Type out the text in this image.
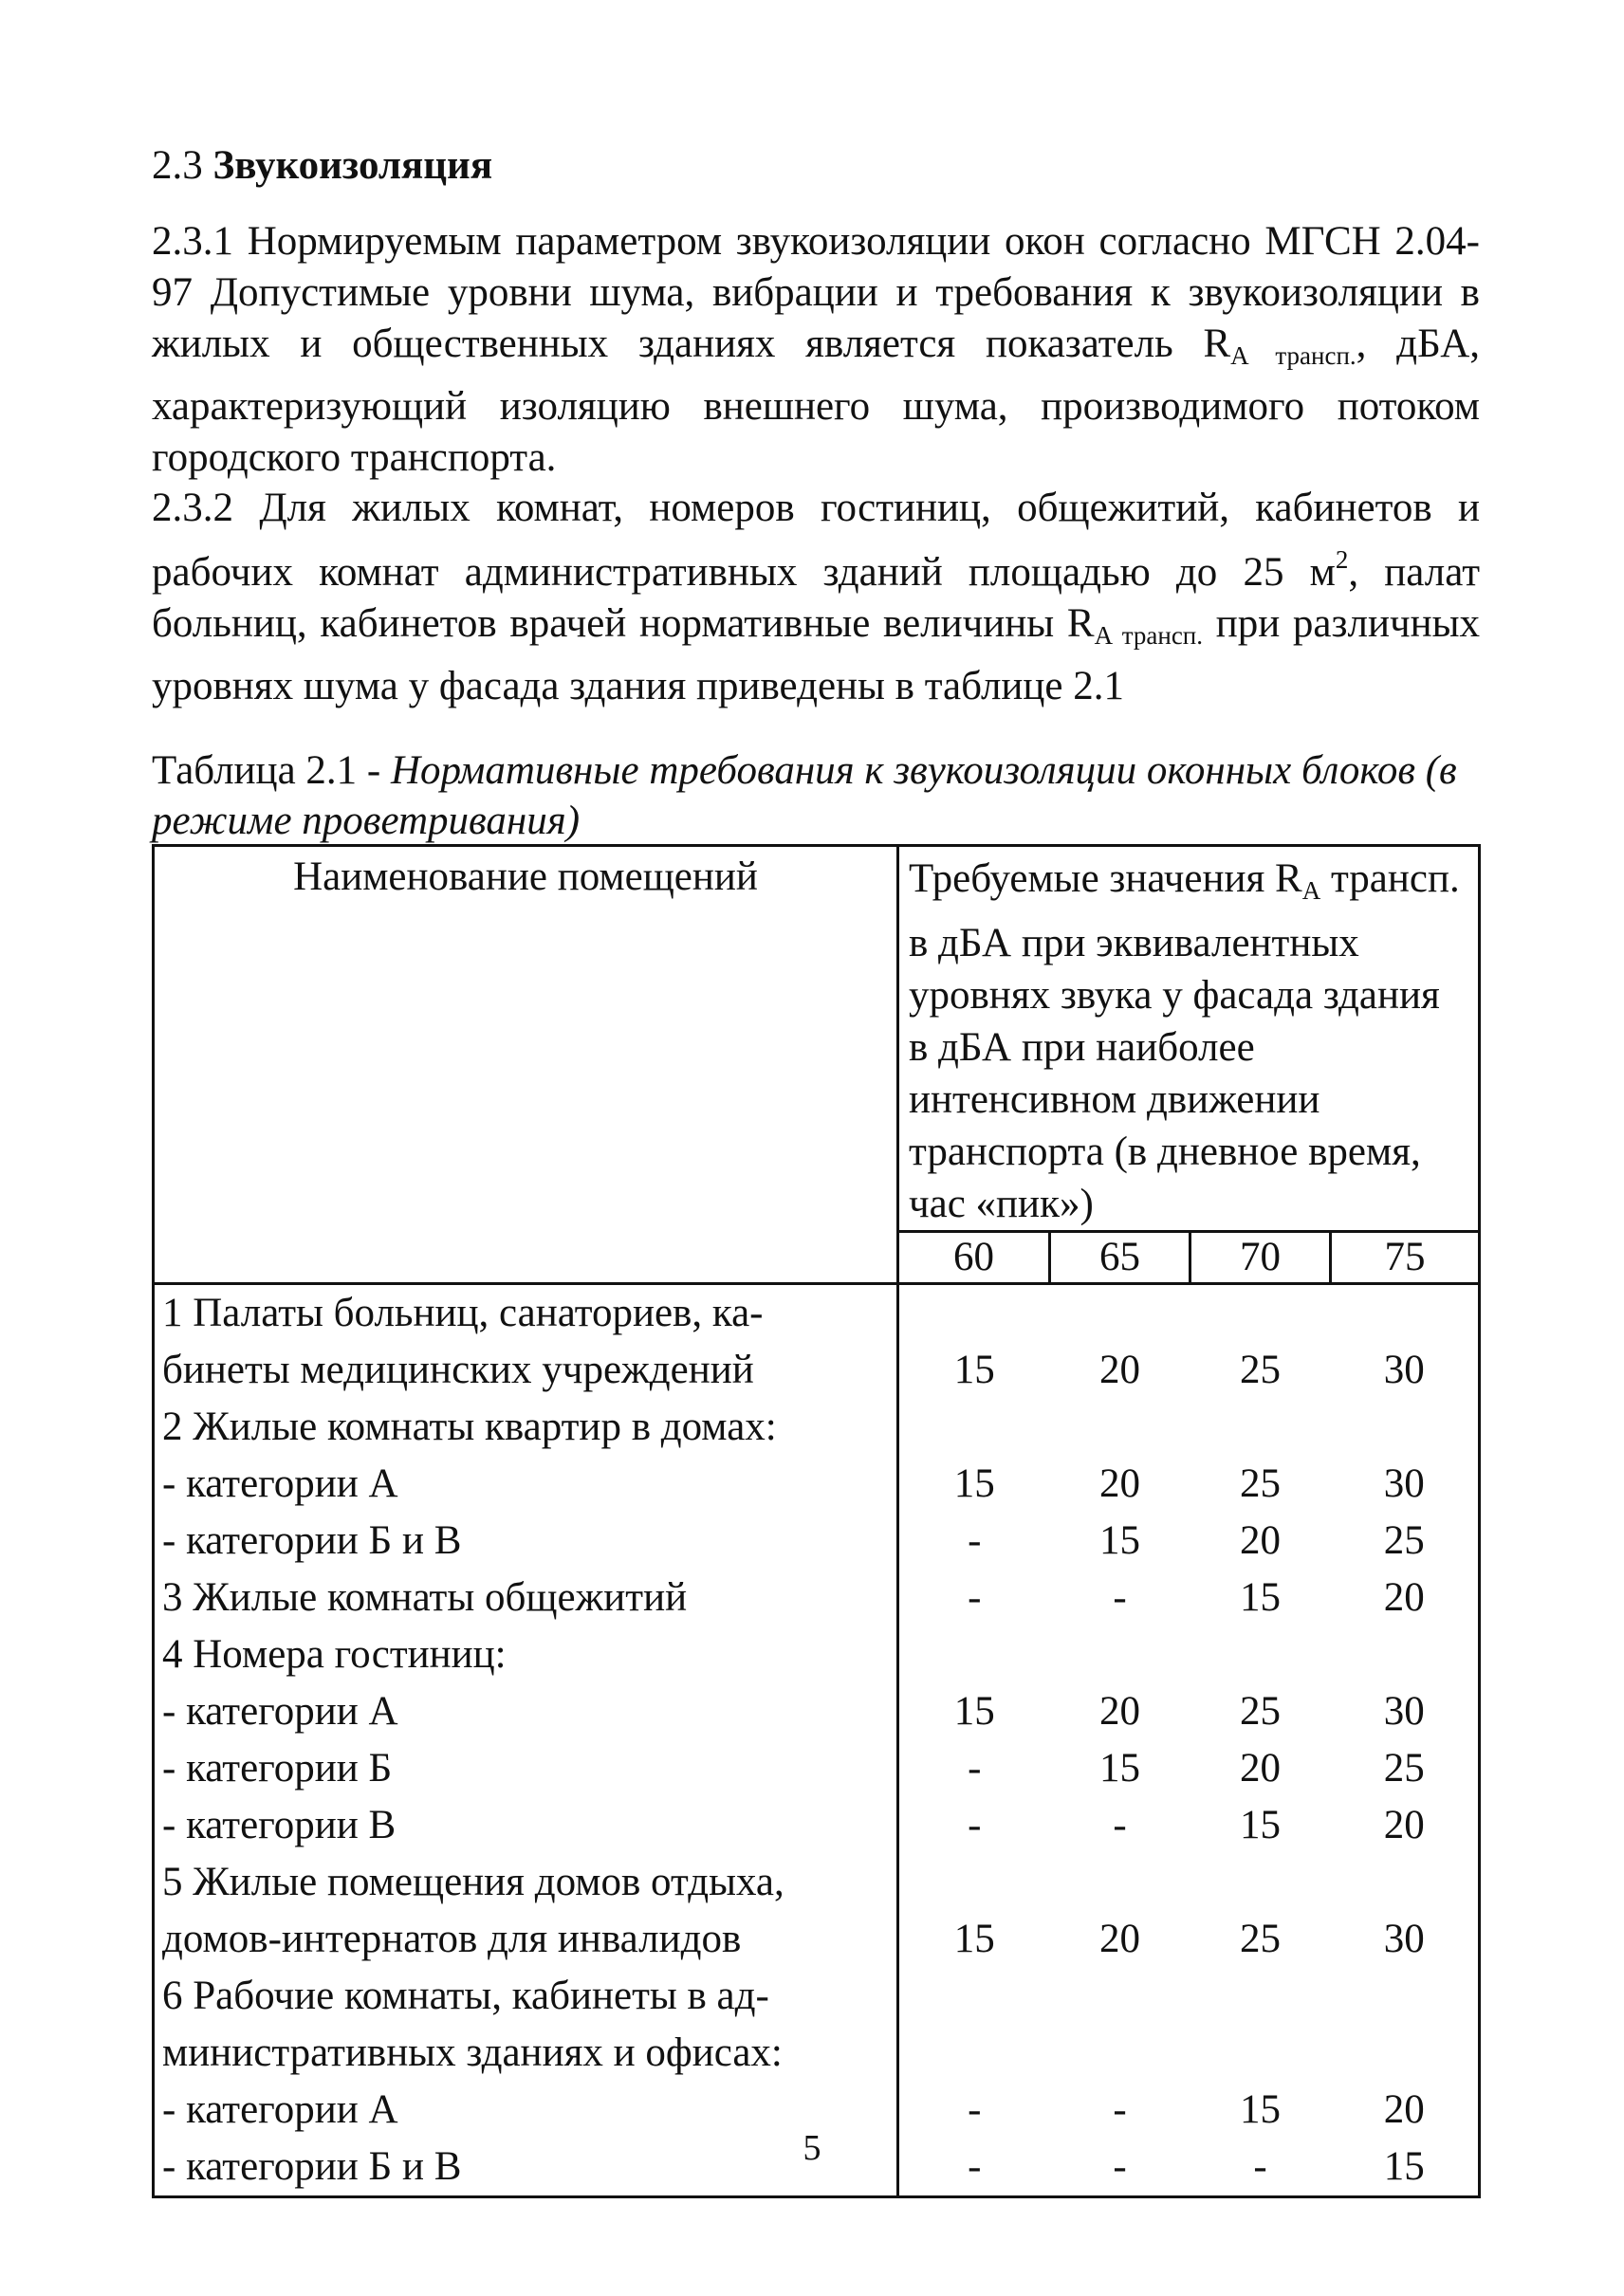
2.3 Звукоизоляция

2.3.1 Нормируемым параметром звукоизоляции окон согласно МГСН 2.04-97 Допустимые уровни шума, вибрации и требования к звукоизоляции в жилых и общественных зданиях является показатель $R_{А трансп.}$, дБА, характеризующий изоляцию внешнего шума, производимого потоком городского транспорта.

2.3.2 Для жилых комнат, номеров гостиниц, общежитий, кабинетов и рабочих комнат административных зданий площадью до 25 $м^2$, палат больниц, кабинетов врачей нормативные величины $R_{А трансп.}$ при различных уровнях шума у фасада здания приведены в таблице 2.1

Таблица 2.1 - Нормативные требования к звукоизоляции оконных блоков (в режиме проветривания)

Наименование помещений	Требуемые значения $R_А$ трансп. в дБА при эквивалентных уровнях звука у фасада здания в дБА при наиболее интенсивном движении транспорта (в дневное время, час «пик»)			
	60	65	70	75
1 Палаты больниц, санаториев, ка-				
бинеты медицинских учреждений	15	20	25	30
2 Жилые комнаты квартир в домах:				
- категории А	15	20	25	30
- категории Б и В	-	15	20	25
3 Жилые комнаты общежитий	-	-	15	20
4 Номера гостиниц:				
- категории А	15	20	25	30
- категории Б	-	15	20	25
- категории В	-	-	15	20
5 Жилые помещения домов отдыха,				
домов-интернатов для инвалидов	15	20	25	30
6 Рабочие комнаты, кабинеты в ад-				
министративных зданиях и офисах:				
- категории А	-	-	15	20
- категории Б и В	-	-	-	15
5
